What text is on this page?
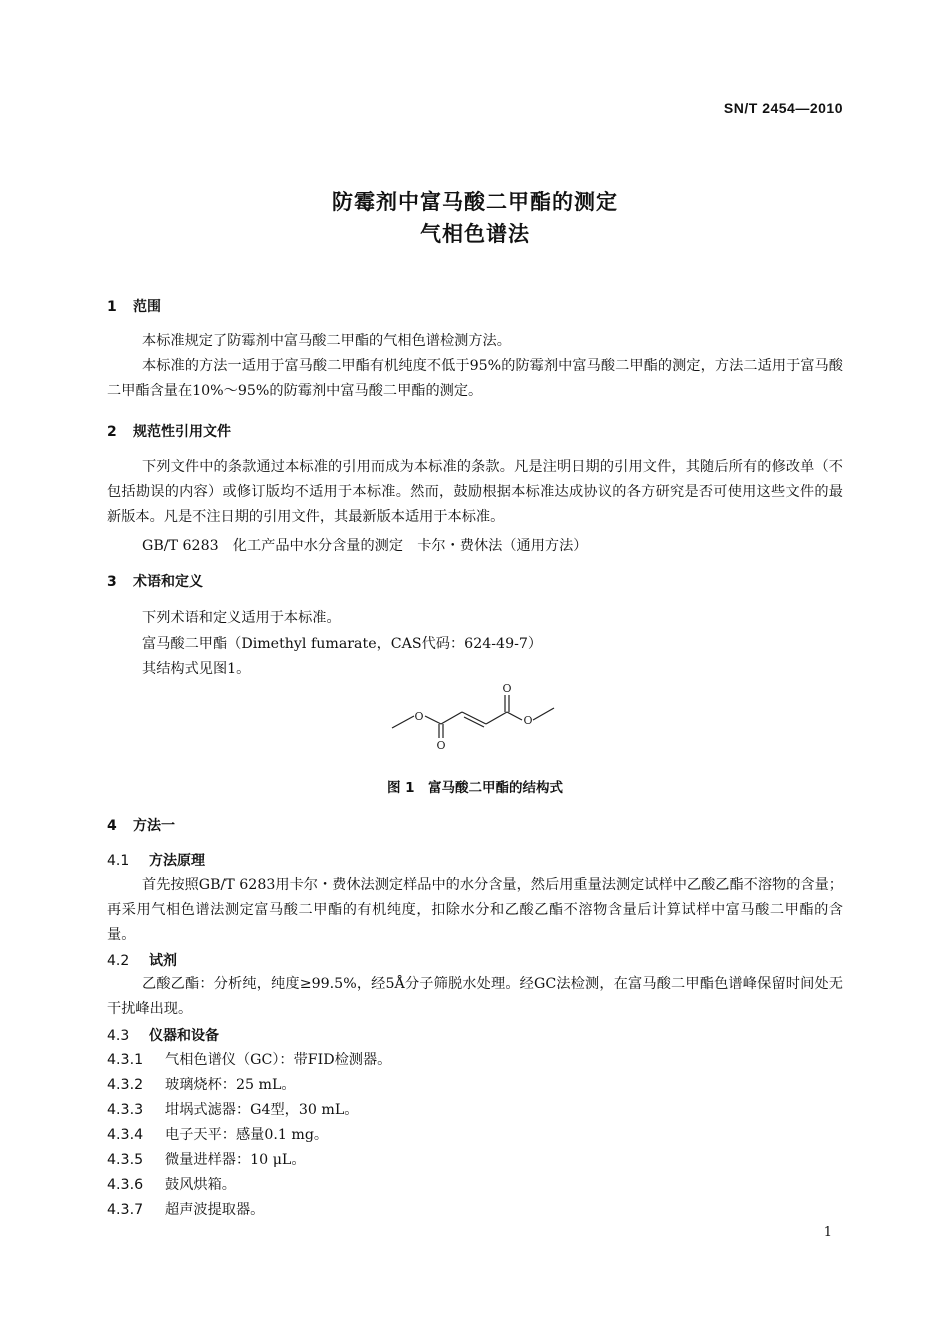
SN/T 2454—2010
防霉剂中富马酸二甲酯的测定
气相色谱法
1 范围
本标准规定了防霉剂中富马酸二甲酯的气相色谱检测方法。
本标准的方法一适用于富马酸二甲酯有机纯度不低于95%的防霉剂中富马酸二甲酯的测定，方法二适用于富马酸二甲酯含量在10%～95%的防霉剂中富马酸二甲酯的测定。
2 规范性引用文件
下列文件中的条款通过本标准的引用而成为本标准的条款。凡是注明日期的引用文件，其随后所有的修改单（不包括勘误的内容）或修订版均不适用于本标准。然而，鼓励根据本标准达成协议的各方研究是否可使用这些文件的最新版本。凡是不注日期的引用文件，其最新版本适用于本标准。
GB/T 6283　化工产品中水分含量的测定　卡尔・费休法（通用方法）
3 术语和定义
下列术语和定义适用于本标准。
富马酸二甲酯（Dimethyl fumarate，CAS代码：624-49-7）
其结构式见图1。
O
O
O
O
图 1　富马酸二甲酯的结构式
4 方法一
4.1 方法原理
首先按照GB/T 6283用卡尔・费休法测定样品中的水分含量，然后用重量法测定试样中乙酸乙酯不溶物的含量；再采用气相色谱法测定富马酸二甲酯的有机纯度，扣除水分和乙酸乙酯不溶物含量后计算试样中富马酸二甲酯的含量。
4.2 试剂
乙酸乙酯：分析纯，纯度≥99.5%，经5Å分子筛脱水处理。经GC法检测，在富马酸二甲酯色谱峰保留时间处无干扰峰出现。
4.3 仪器和设备
4.3.1 气相色谱仪（GC）：带FID检测器。
4.3.2 玻璃烧杯：25 mL。
4.3.3 坩埚式滤器：G4型，30 mL。
4.3.4 电子天平：感量0.1 mg。
4.3.5 微量进样器：10 μL。
4.3.6 鼓风烘箱。
4.3.7 超声波提取器。
1
